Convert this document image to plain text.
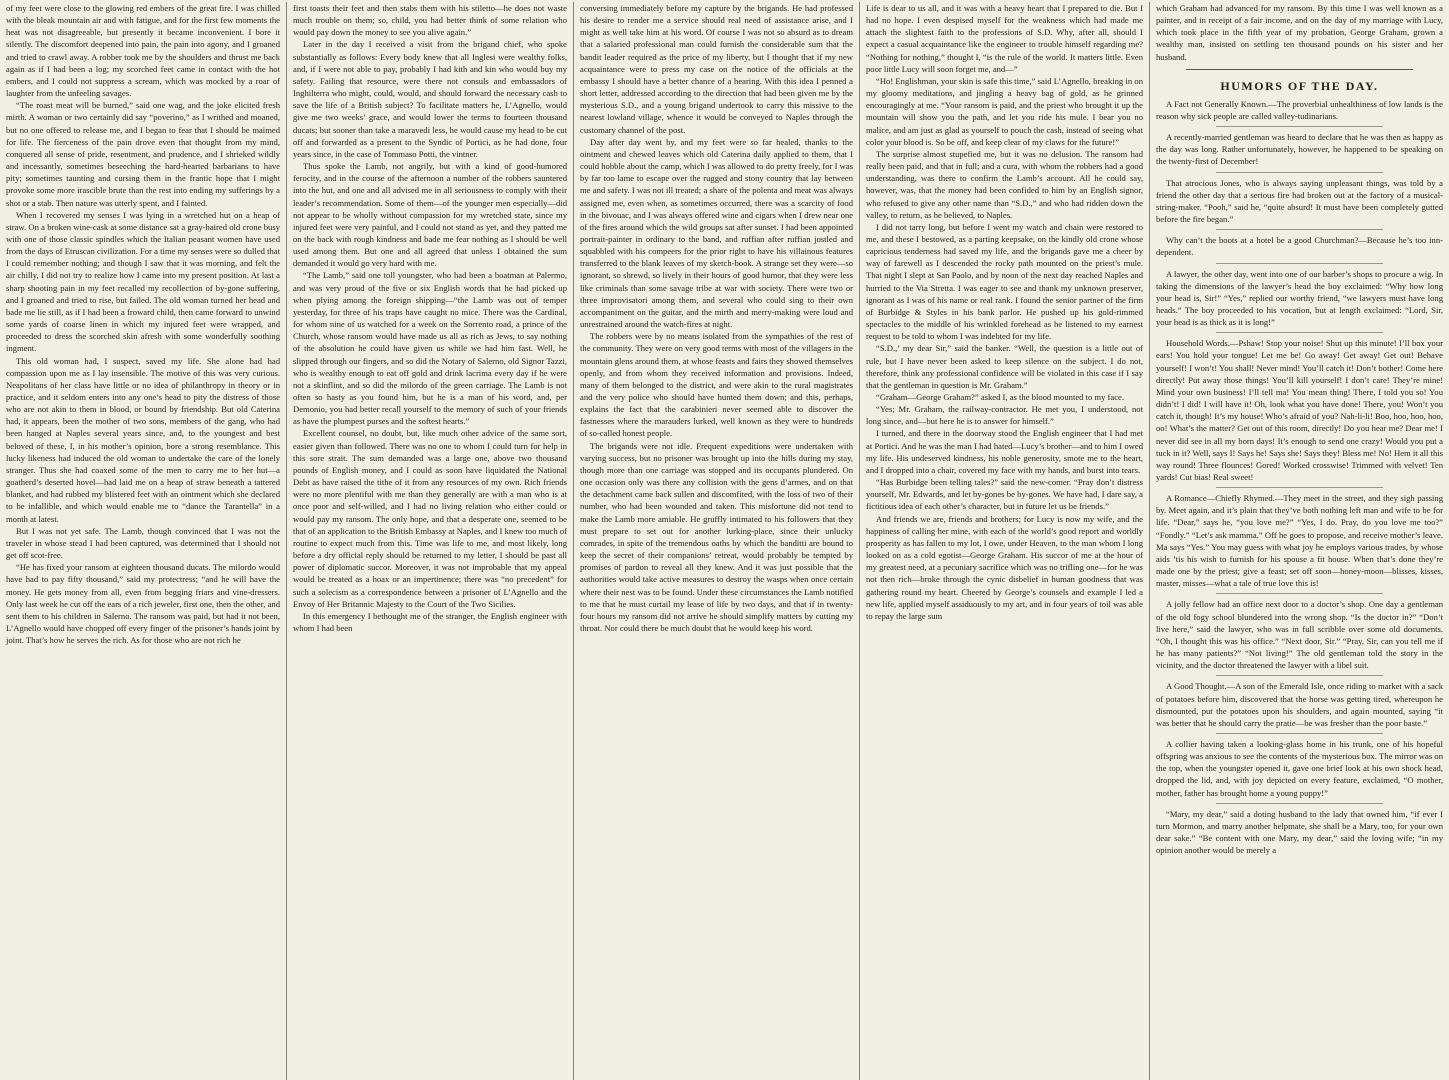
of my feet were close to the glowing red embers of the great fire. I was chilled with the bleak mountain air and with fatigue, and for the first few moments the heat was not disagreeable, but presently it became inconvenient. I bore it silently. The discomfort deepened into pain, the pain into agony, and I groaned and tried to crawl away. A robber took me by the shoulders and thrust me back again as if I had been a log; my scorched feet came in contact with the hot embers, and I could not suppress a scream, which was mocked by a roar of laughter from the unfeeling savages.

“The roast meat will be burned,” said one wag, and the joke elicited fresh mirth. A woman or two certainly did say “poverino,” as I writhed and moaned, but no one offered to release me, and I began to fear that I should be maimed for life. The fierceness of the pain drove even that thought from my mind, conquered all sense of pride, resentment, and prudence, and I shrieked wildly and incessantly, sometimes beseeching the hard-hearted barbarians to have pity; sometimes taunting and cursing them in the frantic hope that I might provoke some more irascible brute than the rest into ending my sufferings by a shot or a stab. Then nature was utterly spent, and I fainted.

When I recovered my senses I was lying in a wretched hut on a heap of straw. On a broken wine-cask at some distance sat a gray-haired old crone busy with one of those classic spindles which the Italian peasant women have used from the days of Etruscan civilization. For a time my senses were so dulled that I could remember nothing; and though I saw that it was morning, and felt the air chilly, I did not try to realize how I came into my present position. At last a sharp shooting pain in my feet recalled my recollection of by-gone suffering, and I groaned and tried to rise, but failed. The old woman turned her head and bade me lie still, as if I had been a froward child, then came forward to unwind some yards of coarse linen in which my injured feet were wrapped, and proceeded to dress the scorched skin afresh with some wonderfully soothing ingment.

This old woman had, I suspect, saved my life. She alone had had compassion upon me as I lay insensible. The motive of this was very curious. Neapolitans of her class have little or no idea of philanthropy in theory or in practice, and it seldom enters into any one’s head to pity the distress of those who are not akin to them in blood, or bound by friendship. But old Caterina had, it appears, been the mother of two sons, members of the gang, who had been hanged at Naples several years since, and, to the youngest and best beloved of these, I, in his mother’s opinion, bore a strong resemblance. This lucky likeness had induced the old woman to undertake the care of the lonely stranger. Thus she had coaxed some of the men to carry me to her hut—a goatherd’s deserted hovel—had laid me on a heap of straw beneath a tattered blanket, and had rubbed my blistered feet with an ointment which she declared to be infallible, and which would enable me to “dance the Tarantella” in a month at latest.

But I was not yet safe. The Lamb, though convinced that I was not the traveler in whose stead I had been captured, was determined that I should not get off scot-free.

“He has fixed your ransom at eighteen thousand ducats. The milordo would have had to pay fifty thousand,” said my protectress; “and he will have the money. He gets money from all, even from begging friars and vine-dressers. Only last week he cut off the ears of a rich jeweler, first one, then the other, and sent them to his children in Salerno. The ransom was paid, but had it not been, L’Agnello would have chopped off every finger of the prisoner’s hands joint by joint. That’s how he serves the rich. As for those who are not rich he

first toasts their feet and then stabs them with his stiletto—he does not waste much trouble on them; so, child, you had better think of some relation who would pay down the money to see you alive again.”

Later in the day I received a visit from the brigand chief, who spoke substantially as follows: Every body knew that all Inglesi were wealthy folks, and, if I were not able to pay, probably I had kith and kin who would buy my safety. Failing that resource, were there not consuls and embassadors of Inghilterra who might, could, would, and should forward the necessary cash to save the life of a British subject? To facilitate matters he, L’Agnello, would give me two weeks’ grace, and would lower the terms to fourteen thousand ducats; but sooner than take a maravedi less, he would cause my head to be cut off and forwarded as a present to the Syndic of Portici, as he had done, four years since, in the case of Tommaso Potti, the vintner.

Thus spoke the Lamb, not angrily, but with a kind of good-humored ferocity, and in the course of the afternoon a number of the robbers sauntered into the hut, and one and all advised me in all seriousness to comply with their leader’s recommendation. Some of them—of the younger men especially—did not appear to be wholly without compassion for my wretched state, since my injured feet were very painful, and I could not stand as yet, and they patted me on the back with rough kindness and bade me fear nothing as I should be well used among them. But one and all agreed that unless I obtained the sum demanded it would go very hard with me.

“The Lamb,” said one toll youngster, who had been a boatman at Palermo, and was very proud of the five or six English words that he had picked up when plying among the foreign shipping—“the Lamb was out of temper yesterday, for three of his traps have caught no mice. There was the Cardinal, for whom nine of us watched for a week on the Sorrento road, a prince of the Church, whose ransom would have made us all as rich as Jews, to say nothing of the absolution he could have given us while we had him fast. Well, he slipped through our fingers, and so did the Notary of Salerno, old Signor Tazzi, who is wealthy enough to eat off gold and drink lacrima every day if he were not a skinflint, and so did the milordo of the green carriage. The Lamb is not often so hasty as you found him, but he is a man of his word, and, per Demonio, you had better recall yourself to the memory of such of your friends as have the plumpest purses and the softest hearts.”

Excellent counsel, no doubt, but, like much other advice of the same sort, easier given than followed. There was no one to whom I could turn for help in this sore strait. The sum demanded was a large one, above two thousand pounds of English money, and I could as soon have liquidated the National Debt as have raised the tithe of it from any resources of my own. Rich friends were no more plentiful with me than they generally are with a man who is at once poor and self-willed, and I had no living relation who either could or would pay my ransom. The only hope, and that a desperate one, seemed to be that of an application to the British Embassy at Naples, and I knew too much of routine to expect much from this. Time was life to me, and most likely, long before a dry official reply should be returned to my letter, I should be past all power of diplomatic succor. Moreover, it was not improbable that my appeal would be treated as a hoax or an impertinence; there was “no precedent” for such a solecism as a correspondence between a prisoner of L’Agnello and the Envoy of Her Britannic Majesty to the Court of the Two Sicilies.

In this emergency I bethought me of the stranger, the English engineer with whom I had been

conversing immediately before my capture by the brigands. He had professed his desire to render me a service should real need of assistance arise, and I might as well take him at his word. Of course I was not so absurd as to dream that a salaried professional man could furnish the considerable sum that the bandit leader required as the price of my liberty, but I thought that if my new acquaintance were to press my case on the notice of the officials at the embassy I should have a better chance of a hearing. With this idea I penned a short letter, addressed according to the direction that had been given me by the mysterious S.D., and a young brigand undertook to carry this missive to the nearest lowland village, whence it would be conveyed to Naples through the customary channel of the post.

Day after day went by, and my feet were so far healed, thanks to the ointment and chewed leaves which old Caterina daily applied to them, that I could hobble about the camp, which I was allowed to do pretty freely, for I was by far too lame to escape over the rugged and stony country that lay between me and safety. I was not ill treated; a share of the polenta and meat was always assigned me, even when, as sometimes occurred, there was a scarcity of food in the bivouac, and I was always offered wine and cigars when I drew near one of the fires around which the wild groups sat after sunset. I had been appointed portrait-painter in ordinary to the band, and ruffian after ruffian jostled and squabbled with his compeers for the prior right to have his villainous features transferred to the blank leaves of my sketch-book. A strange set they were—so ignorant, so shrewd, so lively in their hours of good humor, that they were less like criminals than some savage tribe at war with society. There were two or three improvisatori among them, and several who could sing to their own accompaniment on the guitar, and the mirth and merry-making were loud and unrestrained around the watch-fires at night.

The robbers were by no means isolated from the sympathies of the rest of the community. They were on very good terms with most of the villagers in the mountain glens around them, at whose feasts and fairs they showed themselves openly, and from whom they received information and provisions. Indeed, many of them belonged to the district, and were akin to the rural magistrates and the very police who should have hunted them down; and this, perhaps, explains the fact that the carabinieri never seemed able to discover the fastnesses where the marauders lurked, well known as they were to hundreds of so-called honest people.

The brigands were not idle. Frequent expeditions were undertaken with varying success, but no prisoner was brought up into the hills during my stay, though more than one carriage was stopped and its occupants plundered. On one occasion only was there any collision with the gens d’armes, and on that the detachment came back sullen and discomfited, with the loss of two of their number, who had been wounded and taken. This misfortune did not tend to make the Lamb more amiable. He gruffly intimated to his followers that they must prepare to set out for another lurking-place, since their unlucky comrades, in spite of the tremendous oaths by which the banditti are bound to keep the secret of their companions’ retreat, would probably be tempted by promises of pardon to reveal all they knew. And it was just possible that the authorities would take active measures to destroy the wasps when once certain where their nest was to be found. Under these circumstances the Lamb notified to me that he must curtail my lease of life by two days, and that if in twenty-four hours my ransom did not arrive he should simplify matters by cutting my throat. Nor could there be much doubt that he would keep his word.

Life is dear to us all, and it was with a heavy heart that I prepared to die. But I had no hope. I even despised myself for the weakness which had made me attach the slightest faith to the professions of S.D. Why, after all, should I expect a casual acquaintance like the engineer to trouble himself regarding me? “Nothing for nothing,” thought I, “is the rule of the world. It matters little. Even poor little Lucy will soon forget me, and—”

“Ho! Englishman, your skin is safe this time,” said L’Agnello, breaking in on my gloomy meditations, and jingling a heavy bag of gold, as he grinned encouragingly at me. “Your ransom is paid, and the priest who brought it up the mountain will show you the path, and let you ride his mule. I bear you no malice, and am just as glad as yourself to pouch the cash, instead of seeing what color your blood is. So be off, and keep clear of my claws for the future!”

The surprise almost stupefied me, but it was no delusion. The ransom had really been paid, and that in full; and a cura, with whom the robbers had a good understanding, was there to confirm the Lamb’s account. All he could say, however, was, that the money had been confided to him by an English signor, who refused to give any other name than “S.D.,” and who had ridden down the valley, to return, as he believed, to Naples.

I did not tarry long, but before I went my watch and chain were restored to me, and these I bestowed, as a parting keepsake, on the kindly old crone whose capricious tenderness had saved my life, and the brigands gave me a cheer by way of farewell as I descended the rocky path mounted on the priest’s mule. That night I slept at San Paolo, and by noon of the next day reached Naples and hurried to the Via Stretta. I was eager to see and thank my unknown preserver, ignorant as I was of his name or real rank. I found the senior partner of the firm of Burbidge & Styles in his bank parlor. He pushed up his gold-rimmed spectacles to the middle of his wrinkled forehead as he listened to my earnest request to be told to whom I was indebted for my life.

“S.D.,’ my dear Sir,” said the banker. “Well, the question is a little out of rule, but I have never been asked to keep silence on the subject. I do not, therefore, think any professional confidence will be violated in this case if I say that the gentleman in question is Mr. Graham.”

“Graham—George Graham?” asked I, as the blood mounted to my face.

“Yes; Mr. Graham, the railway-contractor. He met you, I understood, not long since, and—but here he is to answer for himself.”

I turned, and there in the doorway stood the English engineer that I had met at Portici. And he was the man I had hated—Lucy’s brother—and to him I owed my life. His undeserved kindness, his noble generosity, smote me to the heart, and I dropped into a chair, covered my face with my hands, and burst into tears.

“Has Burbidge been telling tales?” said the new-comer. “Pray don’t distress yourself, Mr. Edwards, and let by-gones be by-gones. We have had, I dare say, a fictitious idea of each other’s character, but in future let us be friends.”

And friends we are, friends and brothers; for Lucy is now my wife, and the happiness of calling her mine, with each of the world’s good report and worldly prosperity as has fallen to my lot, I owe, under Heaven, to the man whom I long looked on as a cold egotist—George Graham. His succor of me at the hour of my greatest need, at a pecuniary sacrifice which was no trifling one—for he was not then rich—broke through the cynic disbelief in human goodness that was gathering round my heart. Cheered by George’s counsels and example I led a new life, applied myself assiduously to my art, and in four years of toil was able to repay the large sum

which Graham had advanced for my ransom. By this time I was well known as a painter, and in receipt of a fair income, and on the day of my marriage with Lucy, which took place in the fifth year of my probation, George Graham, grown a wealthy man, insisted on settling ten thousand pounds on his sister and her husband.

HUMORS OF THE DAY.

A Fact not Generally Known.—The proverbial unhealthiness of low lands is the reason why sick people are called valley-tudinarians.

A recently-married gentleman was heard to declare that he was then as happy as the day was long. Rather unfortunately, however, he happened to be speaking on the twenty-first of December!

That atrocious Jones, who is always saying unpleasant things, was told by a friend the other day that a serious fire had broken out at the factory of a musical-string-maker. “Pooh,” said he, “quite absurd! It must have been completely gutted before the fire began.”

Why can’t the boots at a hotel be a good Churchman?—Because he’s too inn-dependent.

A lawyer, the other day, went into one of our barber’s shops to procure a wig. In taking the dimensions of the lawyer’s head the boy exclaimed: “Why how long your head is, Sir!” “Yes,” replied our worthy friend, “we lawyers must have long heads.” The boy proceeded to his vocation, but at length exclaimed: “Lord, Sir, your head is as thick as it is long!”

Household Words.—Pshaw! Stop your noise! Shut up this minute! I’ll box your ears! You hold your tongue! Let me be! Go away! Get away! Get out! Behave yourself! I won’t! You shall! Never mind! You’ll catch it! Don’t bother! Come here directly! Put away those things! You’ll kill yourself! I don’t care! They’re mine! Mind your own business! I’ll tell ma! You mean thing! There, I told you so! You didn’t! I did! I will have it! Oh, look what you have done! There, you! Won’t you catch it, though! It’s my house! Who’s afraid of you? Nah-li-li! Boo, hoo, hoo, hoo, oo! What’s the matter? Get out of this room, directly! Do you hear me? Dear me! I never did see in all my born days! It’s enough to send one crazy! Would you put a tuck in it? Well, says I! Says he! Says she! Says they! Bless me! No! Hem it all this way round! Three flounces! Gored! Worked crosswise! Trimmed with velvet! Ten yards! Cut bias! Real sweet!

A Romance—Chiefly Rhymed.—They meet in the street, and they sigh passing by. Meet again, and it’s plain that they’ve both nothing left man and wife to be for life. “Dear,” says he, “you love me?” “Yes, I do. Pray, do you love me too?” “Fondly.” “Let’s ask mamma.” Off he goes to propose, and receive mother’s leave. Ma says “Yes.” You may guess with what joy he employs various trades, by whose aids ’tis his wish to furnish for his spouse a fit house. When that’s done they’re made one by the priest; give a feast; set off soon—honey-moon—blisses, kisses, master, misses—what a tale of true love this is!

A jolly fellow had an office next door to a doctor’s shop. One day a gentleman of the old fogy school blundered into the wrong shop. “Is the doctor in?” “Don’t live here,” said the lawyer, who was in full scribble over some old documents. “Oh, I thought this was his office.” “Next door, Sir.” “Pray, Sir, can you tell me if he has many patients?” “Not living!” The old gentleman told the story in the vicinity, and the doctor threatened the lawyer with a libel suit.

A Good Thought.—A son of the Emerald Isle, once riding to market with a sack of potatoes before him, discovered that the horse was getting tired, whereupon he dismounted, put the potatoes upon his shoulders, and again mounted, saying “it was better that he should carry the pratie—be was fresher than the poor baste.”

A collier having taken a looking-glass home in his trunk, one of his hopeful offspring was anxious to see the contents of the mysterious box. The mirror was on the top, when the youngster opened it, gave one brief look at his own shock head, dropped the lid, and, with joy depicted on every feature, exclaimed, “O mother, mother, father has brought home a young puppy!”

“Mary, my dear,” said a doting husband to the lady that owned him, “if ever I turn Mormon, and marry another helpmate, she shall be a Mary, too, for your own dear sake.” “Be content with one Mary, my dear,” said the loving wife; “in my opinion another would be merely a
